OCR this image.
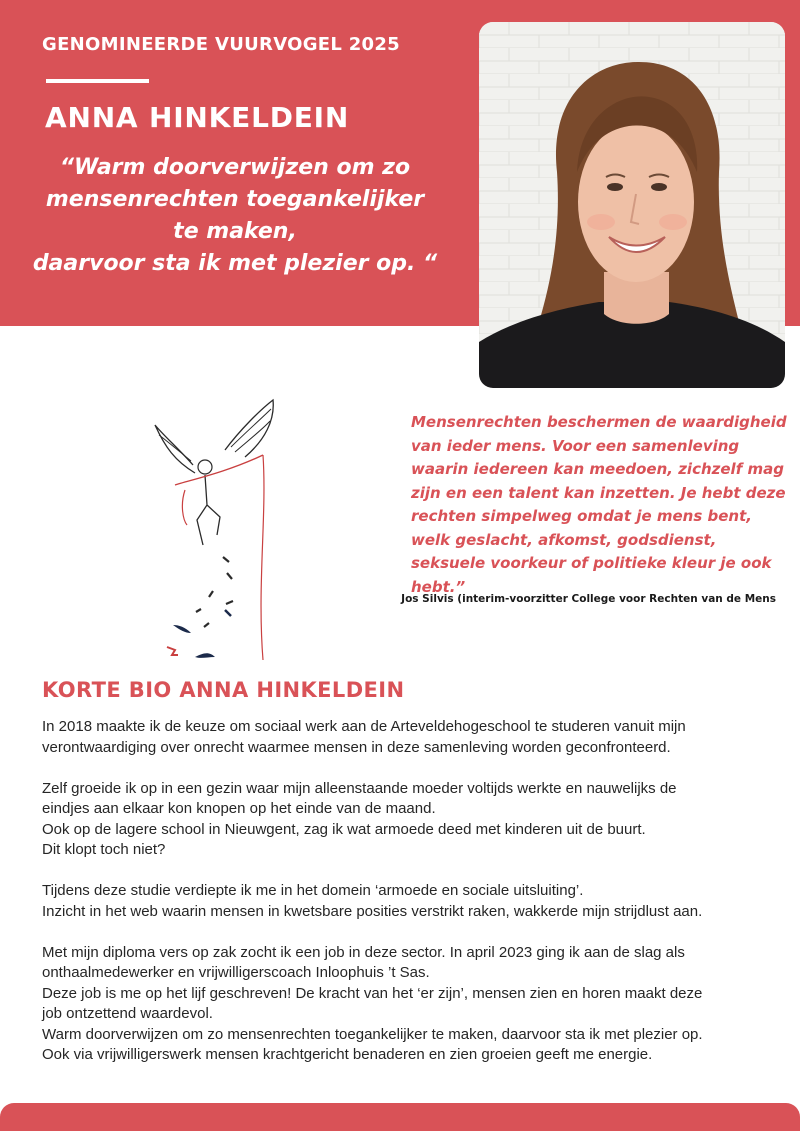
GENOMINEERDE VUURVOGEL 2025
ANNA HINKELDEIN
“Warm doorverwijzen om zo
mensenrechten toegankelijker
te maken,
daarvoor sta ik met plezier op. “
Mensenrechten beschermen de waardigheid van ieder mens. Voor een samenleving waarin iedereen kan meedoen, zichzelf mag zijn en een talent kan inzetten. Je hebt deze rechten simpelweg omdat je mens bent, welk geslacht, afkomst, godsdienst, seksuele voorkeur of politieke kleur je ook hebt.”
Jos Silvis (interim-voorzitter College voor Rechten van de Mens
KORTE BIO ANNA HINKELDEIN
In 2018 maakte ik de keuze om sociaal werk aan de Arteveldehogeschool te studeren vanuit mijn
verontwaardiging over onrecht waarmee mensen in deze samenleving worden geconfronteerd.
Zelf groeide ik op in een gezin waar mijn alleenstaande moeder voltijds werkte en nauwelijks de
eindjes aan elkaar kon knopen op het einde van de maand.
Ook op de lagere school in Nieuwgent, zag ik wat armoede deed met kinderen uit de buurt.
Dit klopt toch niet?
Tijdens deze studie verdiepte ik me in het domein ‘armoede en sociale uitsluiting’.
Inzicht in het web waarin mensen in kwetsbare posities verstrikt raken, wakkerde mijn strijdlust aan.
Met mijn diploma vers op zak zocht ik een job in deze sector. In april 2023 ging ik aan de slag als
onthaalmedewerker en vrijwilligerscoach Inloophuis ’t Sas.
Deze job is me op het lijf geschreven! De kracht van het ‘er zijn’, mensen zien en horen maakt deze
job ontzettend waardevol.
Warm doorverwijzen om zo mensenrechten toegankelijker te maken, daarvoor sta ik met plezier op.
Ook via vrijwilligerswerk mensen krachtgericht benaderen en zien groeien geeft me energie.
